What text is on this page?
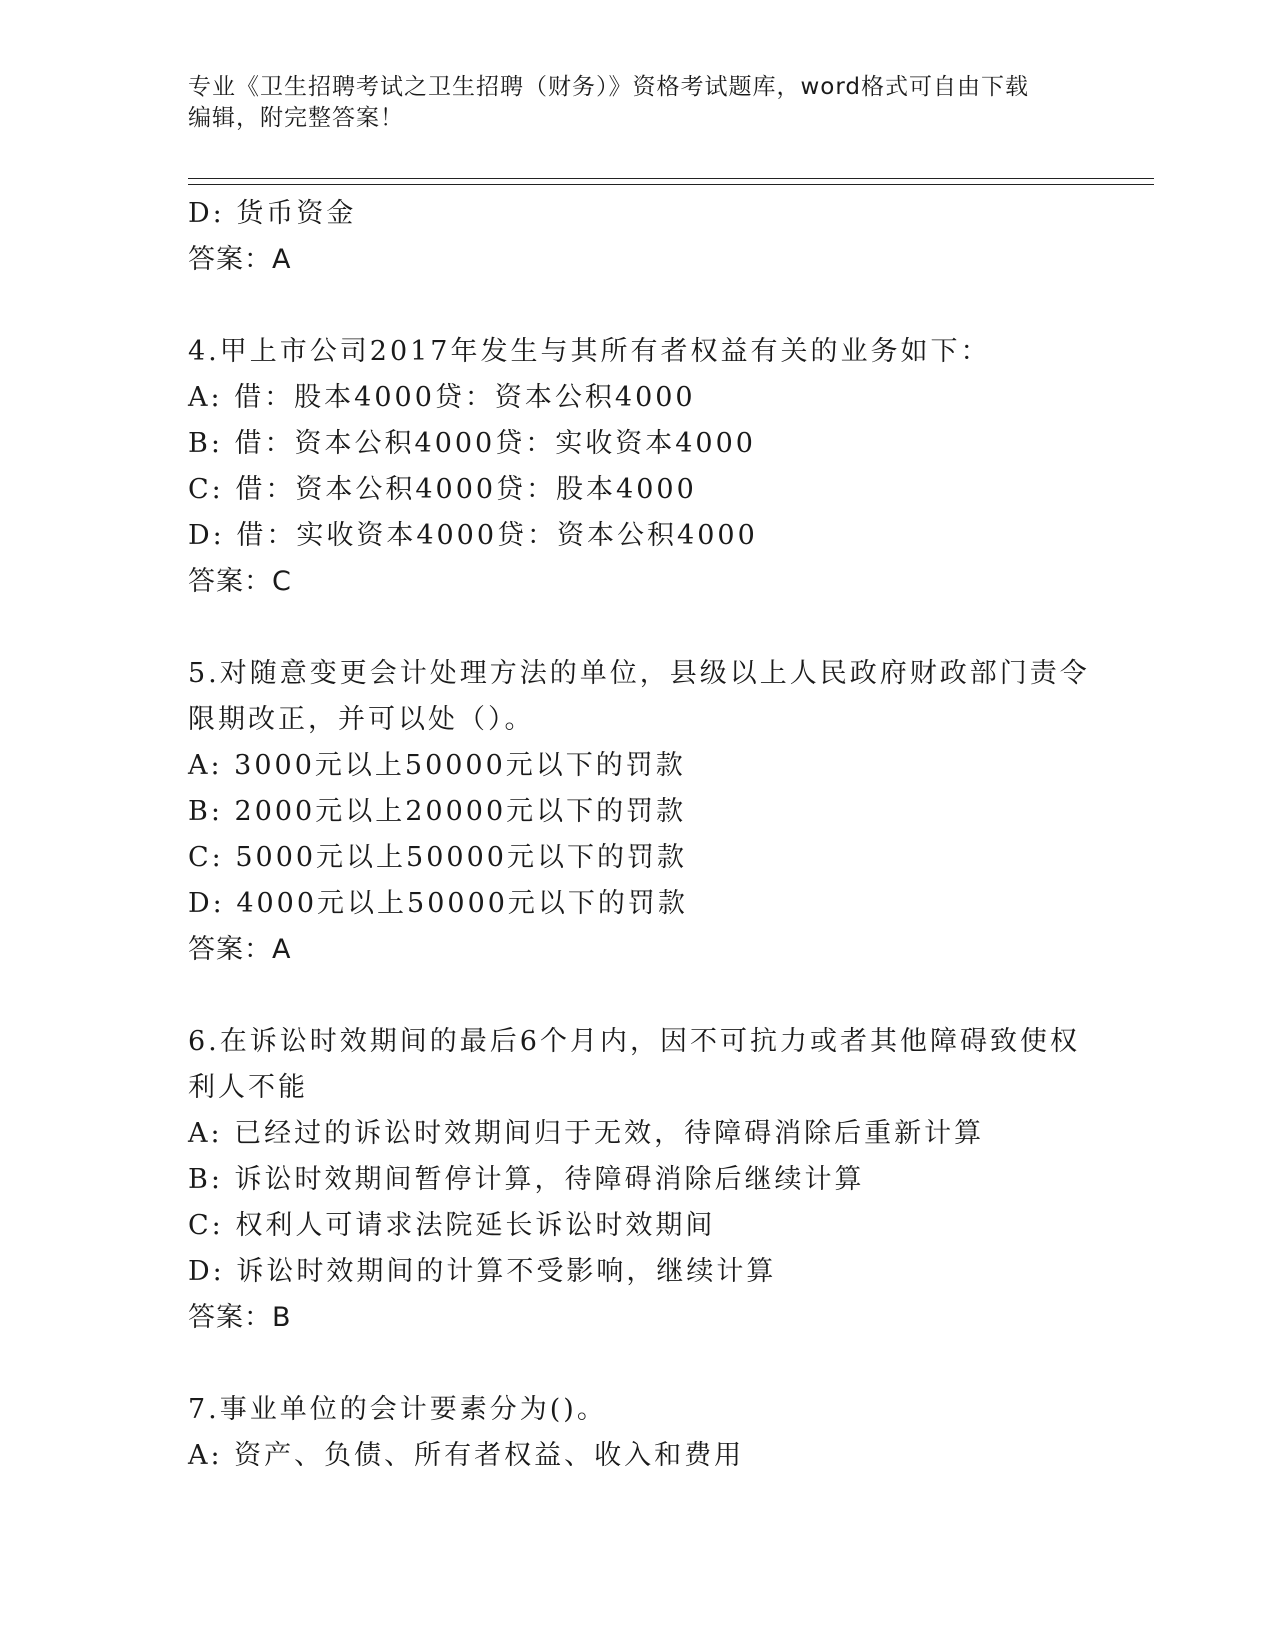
专业《卫生招聘考试之卫生招聘（财务）》资格考试题库，word格式可自由下载
编辑，附完整答案！
D: 货币资金
答案：A
4.甲上市公司2017年发生与其所有者权益有关的业务如下：
A: 借：股本4000贷：资本公积4000
B: 借：资本公积4000贷：实收资本4000
C: 借：资本公积4000贷：股本4000
D: 借：实收资本4000贷：资本公积4000
答案：C
5.对随意变更会计处理方法的单位，县级以上人民政府财政部门责令
限期改正，并可以处（）。
A: 3000元以上50000元以下的罚款
B: 2000元以上20000元以下的罚款
C: 5000元以上50000元以下的罚款
D: 4000元以上50000元以下的罚款
答案：A
6.在诉讼时效期间的最后6个月内，因不可抗力或者其他障碍致使权
利人不能
A: 已经过的诉讼时效期间归于无效，待障碍消除后重新计算
B: 诉讼时效期间暂停计算，待障碍消除后继续计算
C: 权利人可请求法院延长诉讼时效期间
D: 诉讼时效期间的计算不受影响，继续计算
答案：B
7.事业单位的会计要素分为()。
A: 资产、负债、所有者权益、收入和费用
